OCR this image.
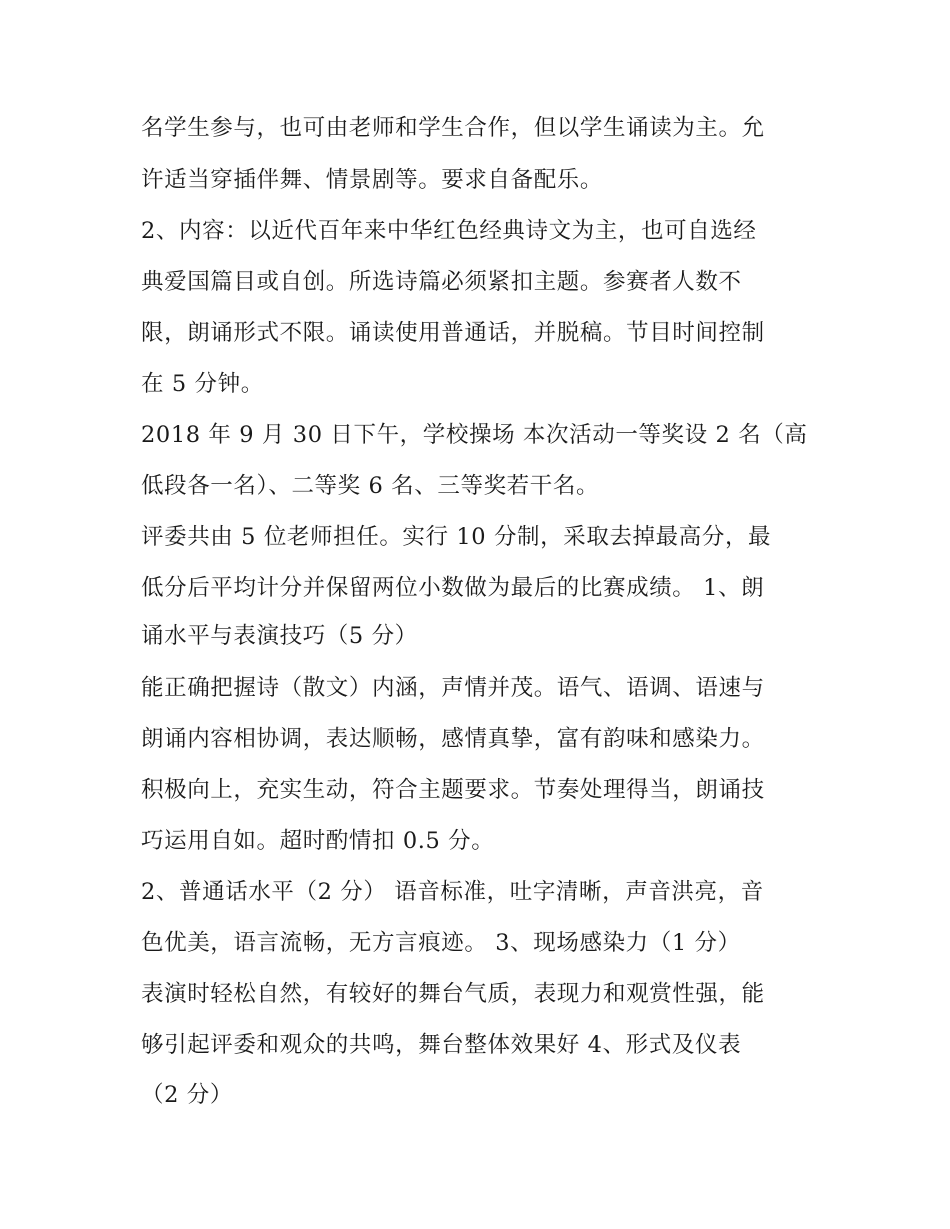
名学生参与，也可由老师和学生合作，但以学生诵读为主。允
许适当穿插伴舞、情景剧等。要求自备配乐。
2、内容：以近代百年来中华红色经典诗文为主，也可自选经
典爱国篇目或自创。所选诗篇必须紧扣主题。参赛者人数不
限，朗诵形式不限。诵读使用普通话，并脱稿。节目时间控制
在 5 分钟。
2018 年 9 月 30 日下午，学校操场 本次活动一等奖设 2 名（高
低段各一名）、二等奖 6 名、三等奖若干名。
评委共由 5 位老师担任。实行 10 分制，采取去掉最高分，最
低分后平均计分并保留两位小数做为最后的比赛成绩。 1、朗
诵水平与表演技巧（5 分）
能正确把握诗（散文）内涵，声情并茂。语气、语调、语速与
朗诵内容相协调，表达顺畅，感情真挚，富有韵味和感染力。
积极向上，充实生动，符合主题要求。节奏处理得当，朗诵技
巧运用自如。超时酌情扣 0.5 分。
2、普通话水平（2 分） 语音标准，吐字清晰，声音洪亮，音
色优美，语言流畅，无方言痕迹。 3、现场感染力（1 分）
表演时轻松自然，有较好的舞台气质，表现力和观赏性强，能
够引起评委和观众的共鸣，舞台整体效果好 4、形式及仪表
（2 分）
